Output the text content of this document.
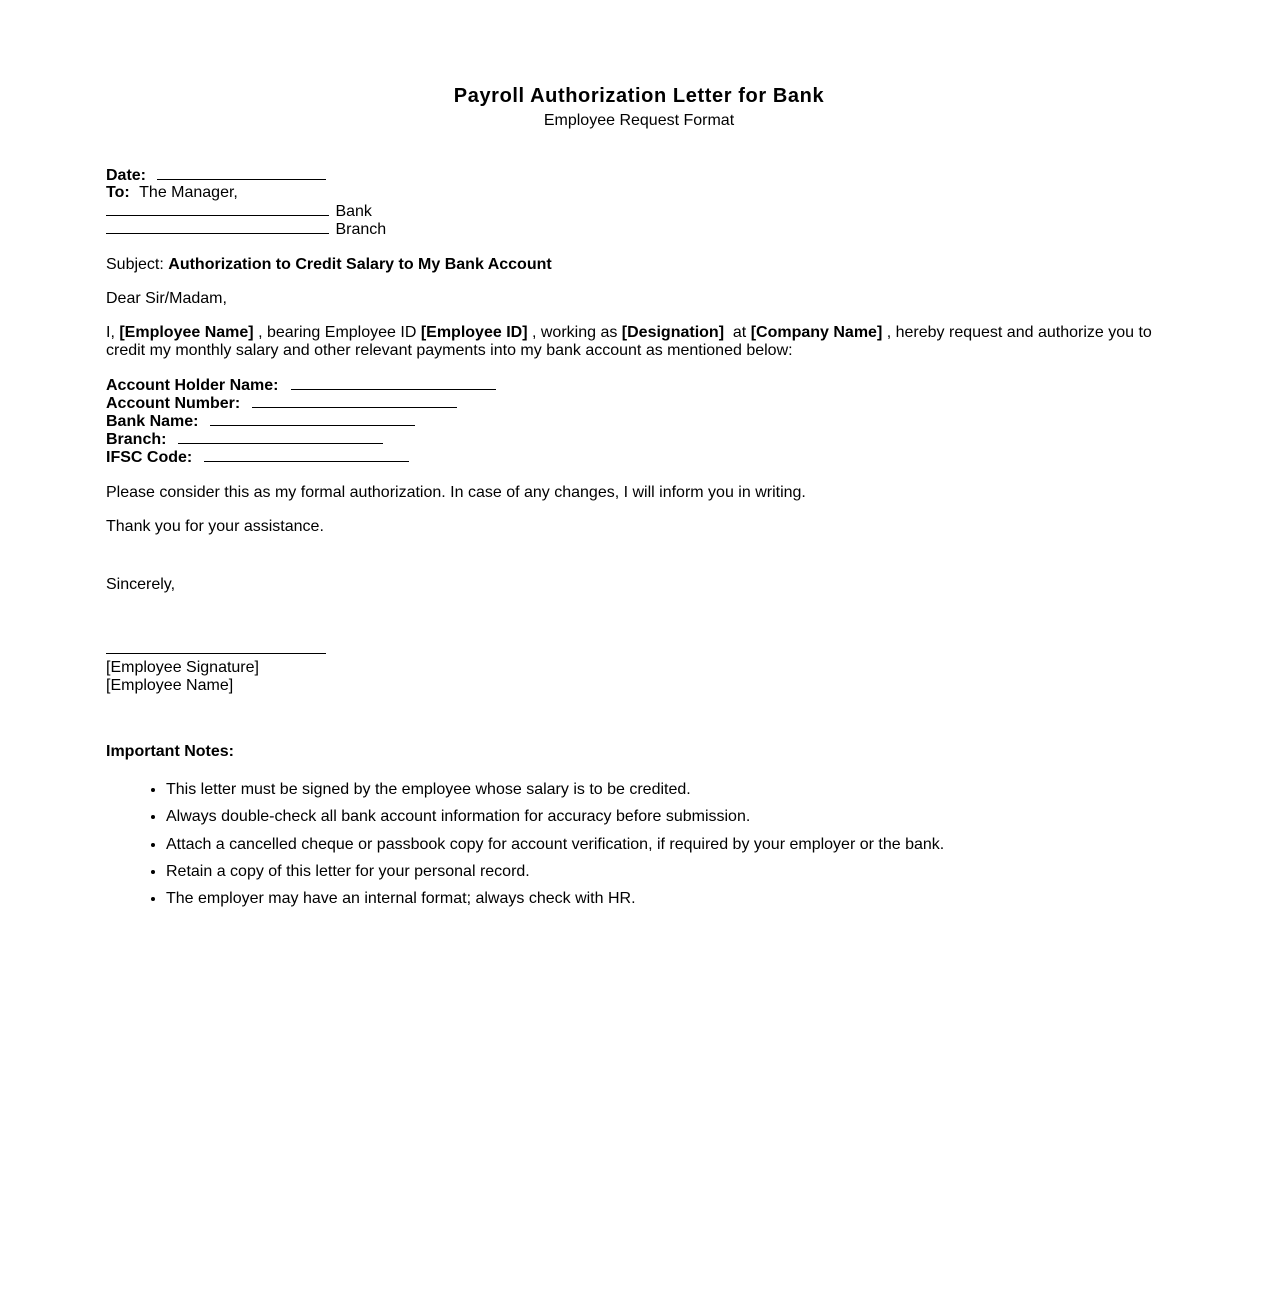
Payroll Authorization Letter for Bank
Employee Request Format
Date:
To: The Manager,
Bank
Branch
Subject: Authorization to Credit Salary to My Bank Account
Dear Sir/Madam,
I, [Employee Name] , bearing Employee ID [Employee ID] , working as [Designation] at [Company Name] , hereby request and authorize you to
credit my monthly salary and other relevant payments into my bank account as mentioned below:
Account Holder Name:
Account Number:
Bank Name:
Branch:
IFSC Code:
Please consider this as my formal authorization. In case of any changes, I will inform you in writing.
Thank you for your assistance.
Sincerely,
[Employee Signature]
[Employee Name]
Important Notes:
• This letter must be signed by the employee whose salary is to be credited.
• Always double-check all bank account information for accuracy before submission.
• Attach a cancelled cheque or passbook copy for account verification, if required by your employer or the bank.
• Retain a copy of this letter for your personal record.
• The employer may have an internal format; always check with HR.
